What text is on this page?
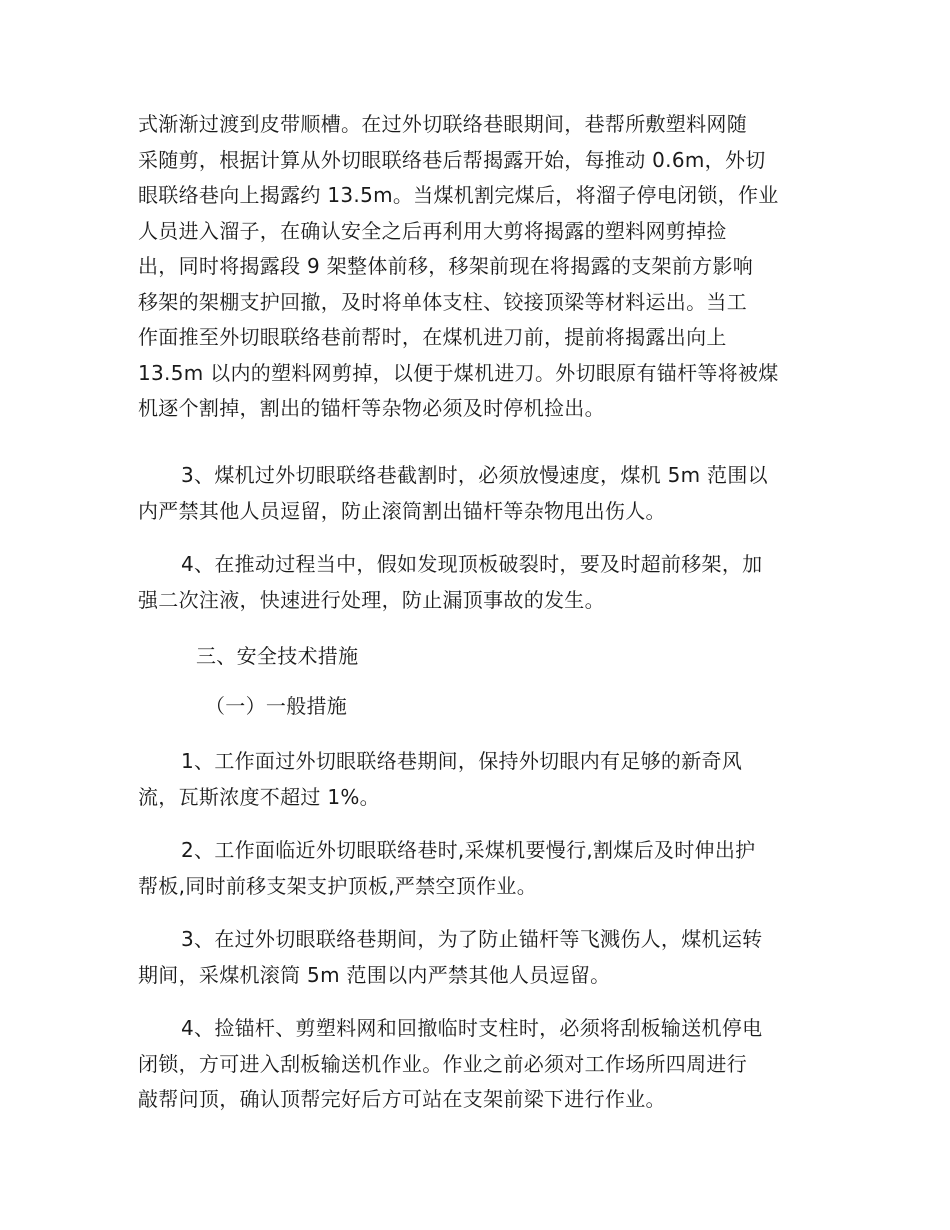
式渐渐过渡到皮带顺槽。在过外切联络巷眼期间，巷帮所敷塑料网随
采随剪，根据计算从外切眼联络巷后帮揭露开始，每推动 0.6m，外切
眼联络巷向上揭露约 13.5m。当煤机割完煤后，将溜子停电闭锁，作业
人员进入溜子，在确认安全之后再利用大剪将揭露的塑料网剪掉捡
出，同时将揭露段 9 架整体前移，移架前现在将揭露的支架前方影响
移架的架棚支护回撤，及时将单体支柱、铰接顶梁等材料运出。当工
作面推至外切眼联络巷前帮时，在煤机进刀前，提前将揭露出向上
13.5m 以内的塑料网剪掉，以便于煤机进刀。外切眼原有锚杆等将被煤
机逐个割掉，割出的锚杆等杂物必须及时停机捡出。

3、煤机过外切眼联络巷截割时，必须放慢速度，煤机 5m 范围以
内严禁其他人员逗留，防止滚筒割出锚杆等杂物甩出伤人。

4、在推动过程当中，假如发现顶板破裂时，要及时超前移架，加
强二次注液，快速进行处理，防止漏顶事故的发生。

三、安全技术措施

（一）一般措施

1、工作面过外切眼联络巷期间，保持外切眼内有足够的新奇风
流，瓦斯浓度不超过 1%。

2、工作面临近外切眼联络巷时,采煤机要慢行,割煤后及时伸出护
帮板,同时前移支架支护顶板,严禁空顶作业。

3、在过外切眼联络巷期间，为了防止锚杆等飞溅伤人，煤机运转
期间，采煤机滚筒 5m 范围以内严禁其他人员逗留。

4、捡锚杆、剪塑料网和回撤临时支柱时，必须将刮板输送机停电
闭锁，方可进入刮板输送机作业。作业之前必须对工作场所四周进行
敲帮问顶，确认顶帮完好后方可站在支架前梁下进行作业。
